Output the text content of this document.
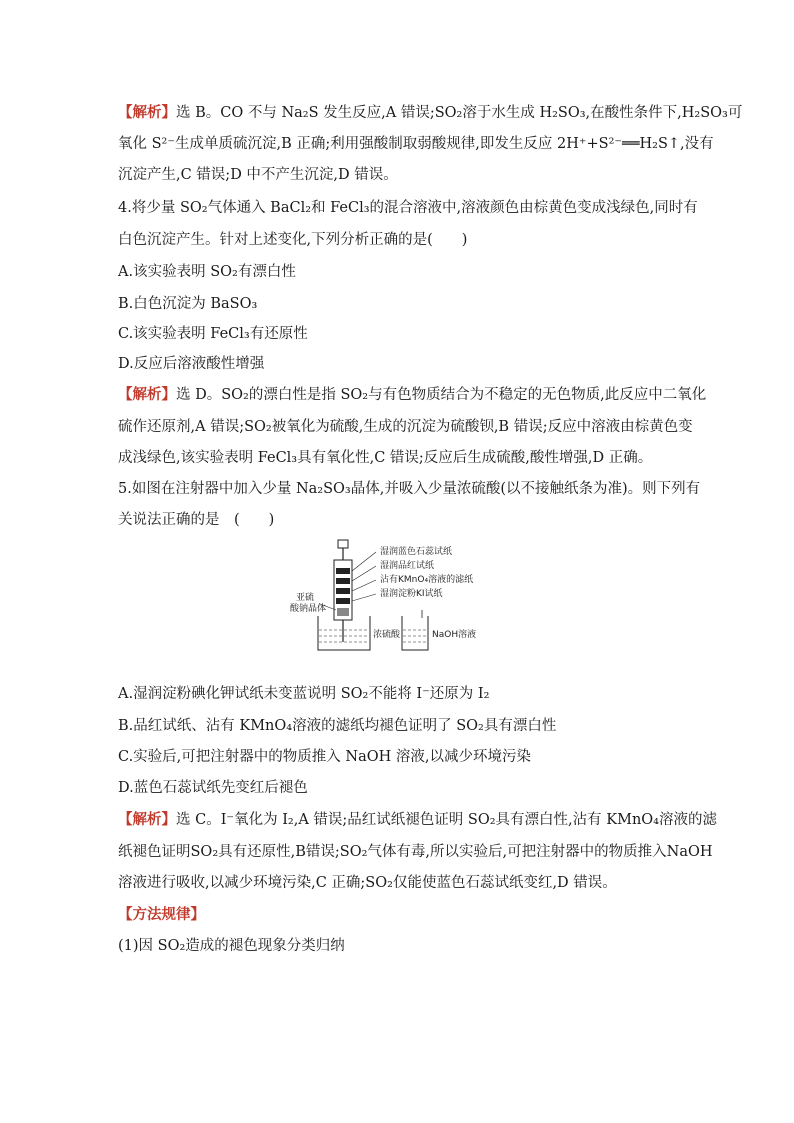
【解析】选 B。CO 不与 Na₂S 发生反应,A 错误;SO₂溶于水生成 H₂SO₃,在酸性条件下,H₂SO₃可
氧化 S²⁻生成单质硫沉淀,B 正确;利用强酸制取弱酸规律,即发生反应 2H⁺+S²⁻══H₂S↑,没有
沉淀产生,C 错误;D 中不产生沉淀,D 错误。
4.将少量 SO₂气体通入 BaCl₂和 FeCl₃的混合溶液中,溶液颜色由棕黄色变成浅绿色,同时有
白色沉淀产生。针对上述变化,下列分析正确的是(　　)
A.该实验表明 SO₂有漂白性
B.白色沉淀为 BaSO₃
C.该实验表明 FeCl₃有还原性
D.反应后溶液酸性增强
【解析】选 D。SO₂的漂白性是指 SO₂与有色物质结合为不稳定的无色物质,此反应中二氧化
硫作还原剂,A 错误;SO₂被氧化为硫酸,生成的沉淀为硫酸钡,B 错误;反应中溶液由棕黄色变
成浅绿色,该实验表明 FeCl₃具有氧化性,C 错误;反应后生成硫酸,酸性增强,D 正确。
5.如图在注射器中加入少量 Na₂SO₃晶体,并吸入少量浓硫酸(以不接触纸条为准)。则下列有
关说法正确的是　(　　)
湿润蓝色石蕊试纸
湿润品红试纸
沾有KMnO₄溶液的滤纸
湿润淀粉KI试纸
亚硫
酸钠晶体
浓硫酸	NaOH溶液
A.湿润淀粉碘化钾试纸未变蓝说明 SO₂不能将 I⁻还原为 I₂
B.品红试纸、沾有 KMnO₄溶液的滤纸均褪色证明了 SO₂具有漂白性
C.实验后,可把注射器中的物质推入 NaOH 溶液,以减少环境污染
D.蓝色石蕊试纸先变红后褪色
【解析】选 C。I⁻氧化为 I₂,A 错误;品红试纸褪色证明 SO₂具有漂白性,沾有 KMnO₄溶液的滤
纸褪色证明SO₂具有还原性,B错误;SO₂气体有毒,所以实验后,可把注射器中的物质推入NaOH
溶液进行吸收,以减少环境污染,C 正确;SO₂仅能使蓝色石蕊试纸变红,D 错误。
【方法规律】
(1)因 SO₂造成的褪色现象分类归纳
